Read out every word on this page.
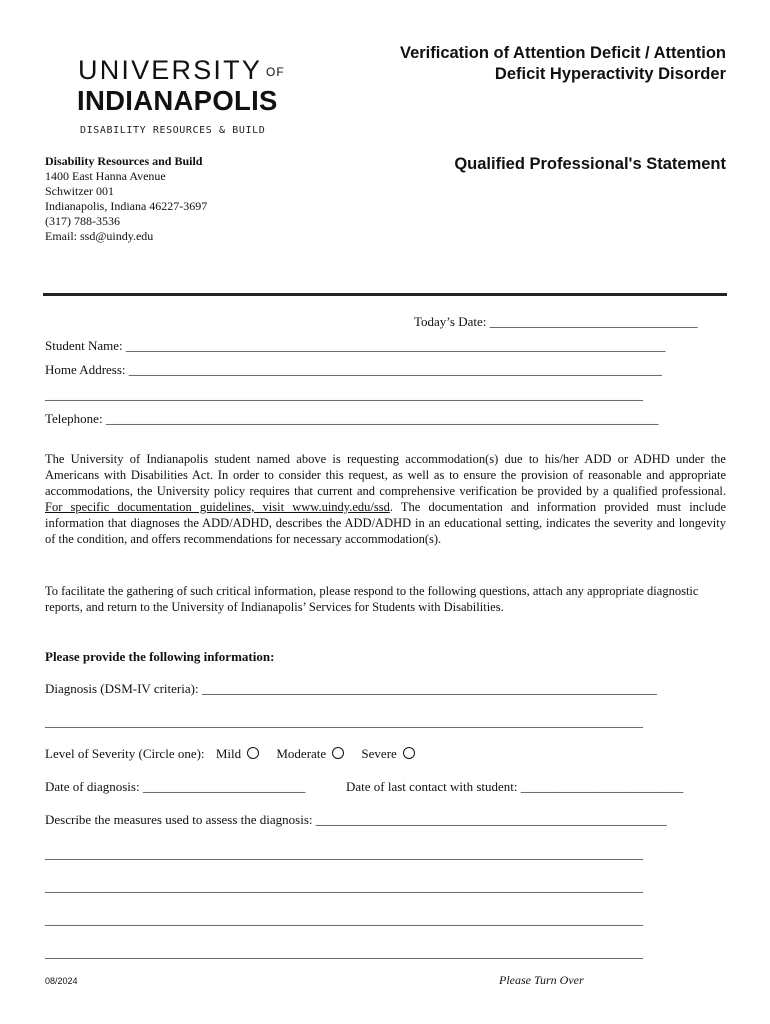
UNIVERSITY OF
INDIANAPOLIS
DISABILITY RESOURCES & BUILD
Verification of Attention Deficit / Attention
Deficit Hyperactivity Disorder
Qualified Professional's Statement
Disability Resources and Build
1400 East Hanna Avenue
Schwitzer 001
Indianapolis, Indiana 46227-3697
(317) 788-3536
Email: ssd@uindy.edu
Today’s Date: ________________________________
Student Name: ___________________________________________________________________________________
Home Address: __________________________________________________________________________________
____________________________________________________________________________________________
Telephone: _____________________________________________________________________________________
The University of Indianapolis student named above is requesting accommodation(s) due to his/her ADD or ADHD under the Americans with Disabilities Act. In order to consider this request, as well as to ensure the provision of reasonable and appropriate accommodations, the University policy requires that current and comprehensive verification be provided by a qualified professional. For specific documentation guidelines, visit www.uindy.edu/ssd. The documentation and information provided must include information that diagnoses the ADD/ADHD, describes the ADD/ADHD in an educational setting, indicates the severity and longevity of the condition, and offers recommendations for necessary accommodation(s).
To facilitate the gathering of such critical information, please respond to the following questions, attach any appropriate diagnostic reports, and return to the University of Indianapolis’ Services for Students with Disabilities.
Please provide the following information:
Diagnosis (DSM-IV criteria): ______________________________________________________________________
____________________________________________________________________________________________
Level of Severity (Circle one): Mild	Moderate	Severe
Date of diagnosis: _________________________	Date of last contact with student: _________________________
Describe the measures used to assess the diagnosis: ______________________________________________________
____________________________________________________________________________________________
____________________________________________________________________________________________
____________________________________________________________________________________________
____________________________________________________________________________________________
08/2024	Please Turn Over
